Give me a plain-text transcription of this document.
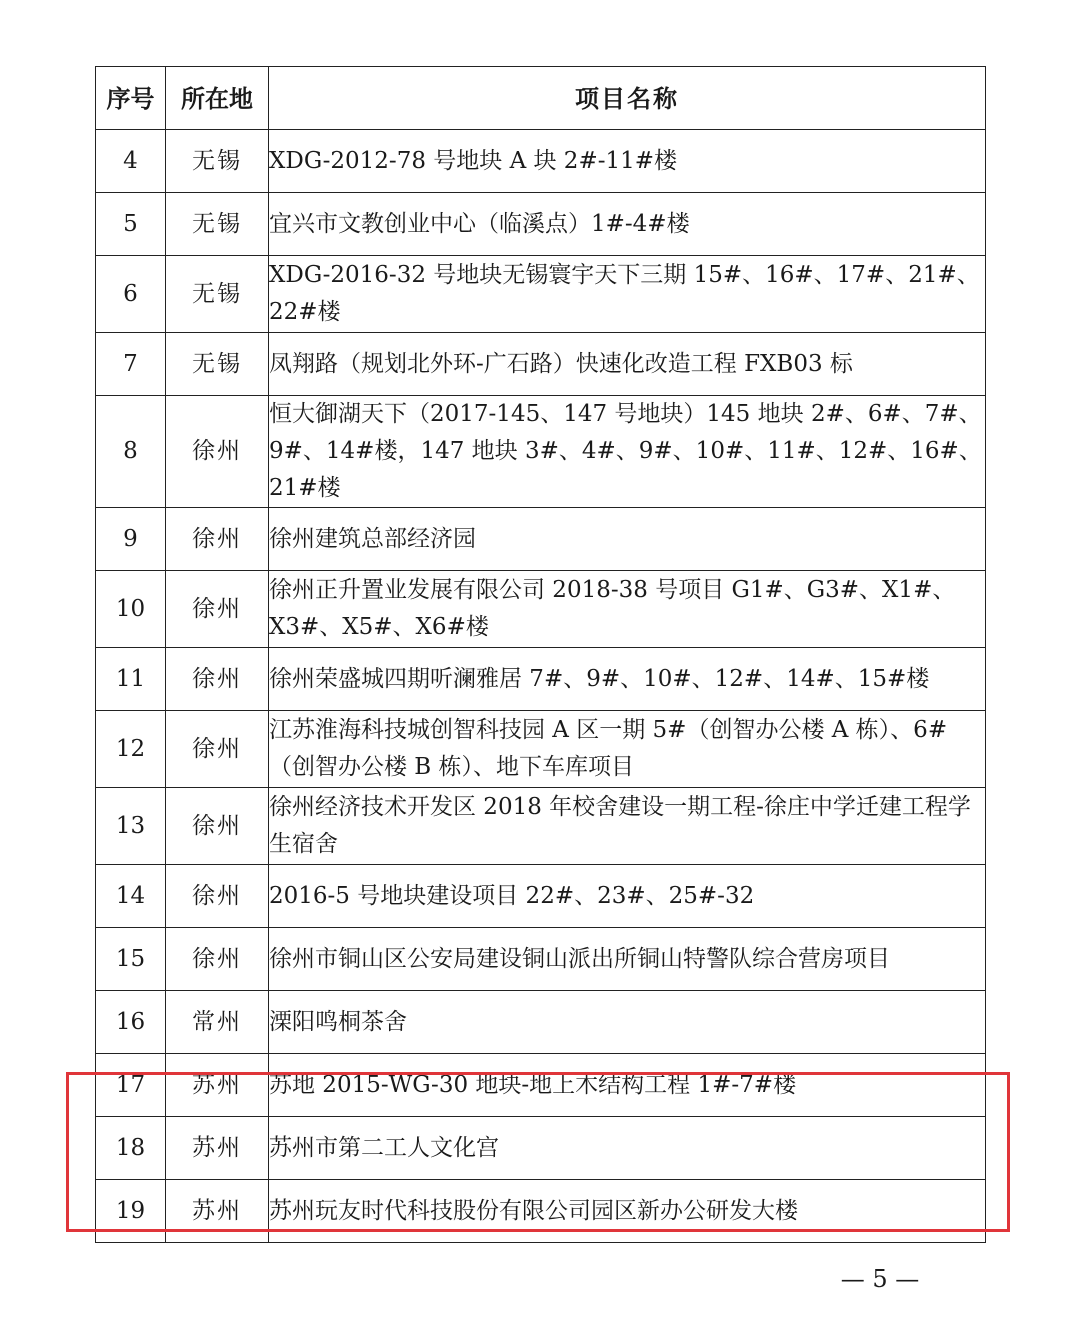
序号	所在地	项目名称
4	无锡	XDG-2012-78 号地块 A 块 2#-11#楼
5	无锡	宜兴市文教创业中心（临溪点）1#-4#楼
6	无锡	XDG-2016-32 号地块无锡寰宇天下三期 15#、16#、17#、21#、22#楼
7	无锡	凤翔路（规划北外环-广石路）快速化改造工程 FXB03 标
8	徐州	恒大御湖天下（2017-145、147 号地块）145 地块 2#、6#、7#、9#、14#楼，147 地块 3#、4#、9#、10#、11#、12#、16#、21#楼
9	徐州	徐州建筑总部经济园
10	徐州	徐州正升置业发展有限公司 2018-38 号项目 G1#、G3#、X1#、X3#、X5#、X6#楼
11	徐州	徐州荣盛城四期听澜雅居 7#、9#、10#、12#、14#、15#楼
12	徐州	江苏淮海科技城创智科技园 A 区一期 5#（创智办公楼 A 栋）、6#（创智办公楼 B 栋）、地下车库项目
13	徐州	徐州经济技术开发区 2018 年校舍建设一期工程-徐庄中学迁建工程学生宿舍
14	徐州	2016-5 号地块建设项目 22#、23#、25#-32
15	徐州	徐州市铜山区公安局建设铜山派出所铜山特警队综合营房项目
16	常州	溧阳鸣桐茶舍
17	苏州	苏地 2015-WG-30 地块-地上木结构工程 1#-7#楼
18	苏州	苏州市第二工人文化宫
19	苏州	苏州玩友时代科技股份有限公司园区新办公研发大楼
— 5 —
